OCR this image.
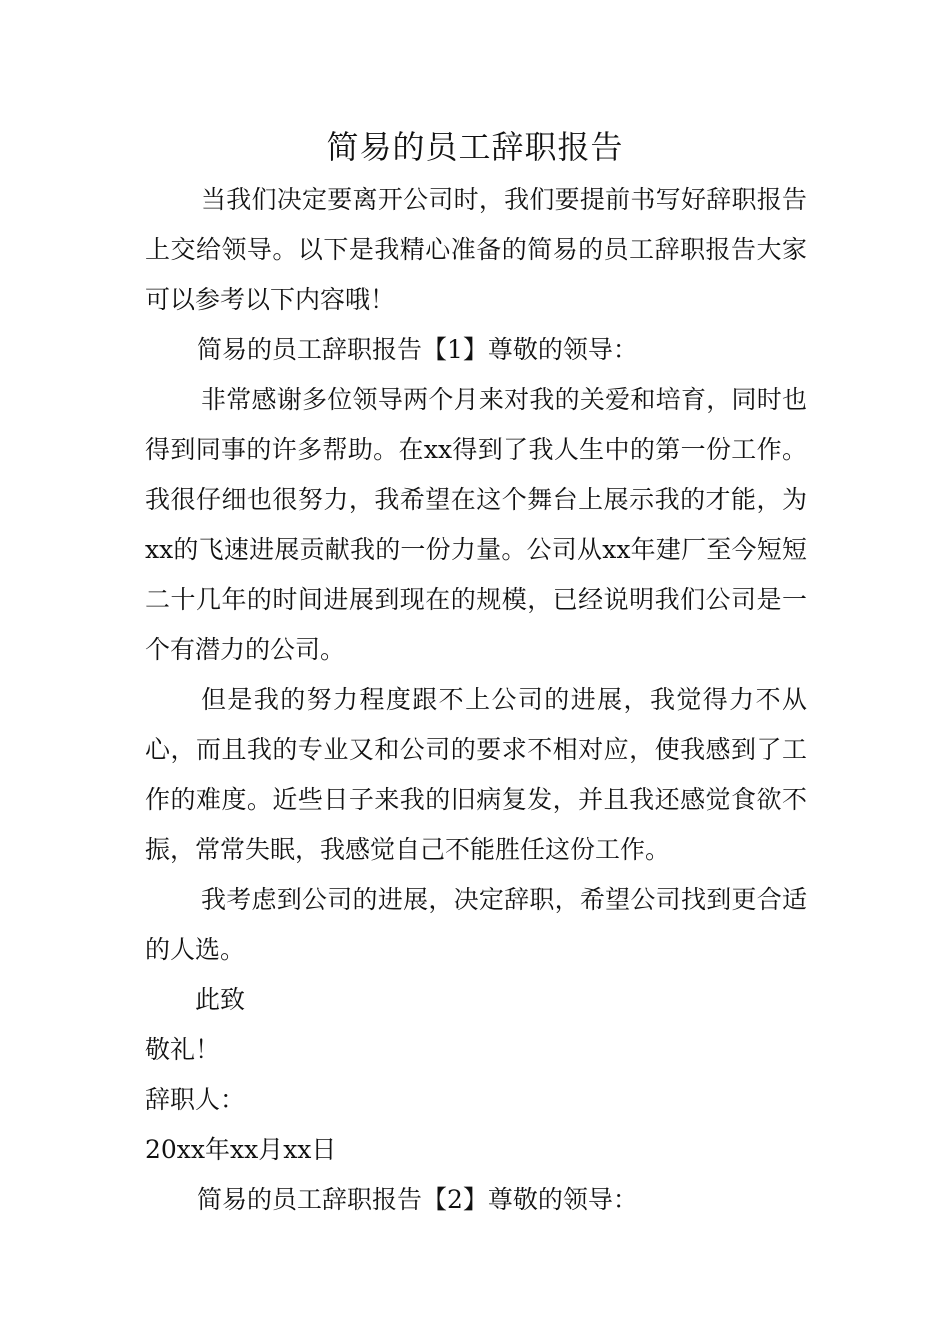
简易的员工辞职报告

当我们决定要离开公司时，我们要提前书写好辞职报告上交给领导。以下是我精心准备的简易的员工辞职报告大家可以参考以下内容哦！

简易的员工辞职报告【1】尊敬的领导：

非常感谢多位领导两个月来对我的关爱和培育，同时也得到同事的许多帮助。在xx得到了我人生中的第一份工作。我很仔细也很努力，我希望在这个舞台上展示我的才能，为xx的飞速进展贡献我的一份力量。公司从xx年建厂至今短短二十几年的时间进展到现在的规模，已经说明我们公司是一个有潜力的公司。

但是我的努力程度跟不上公司的进展，我觉得力不从心，而且我的专业又和公司的要求不相对应，使我感到了工作的难度。近些日子来我的旧病复发，并且我还感觉食欲不振，常常失眠，我感觉自己不能胜任这份工作。

我考虑到公司的进展，决定辞职，希望公司找到更合适的人选。

此致

敬礼！

辞职人：

20xx年xx月xx日

简易的员工辞职报告【2】尊敬的领导：
